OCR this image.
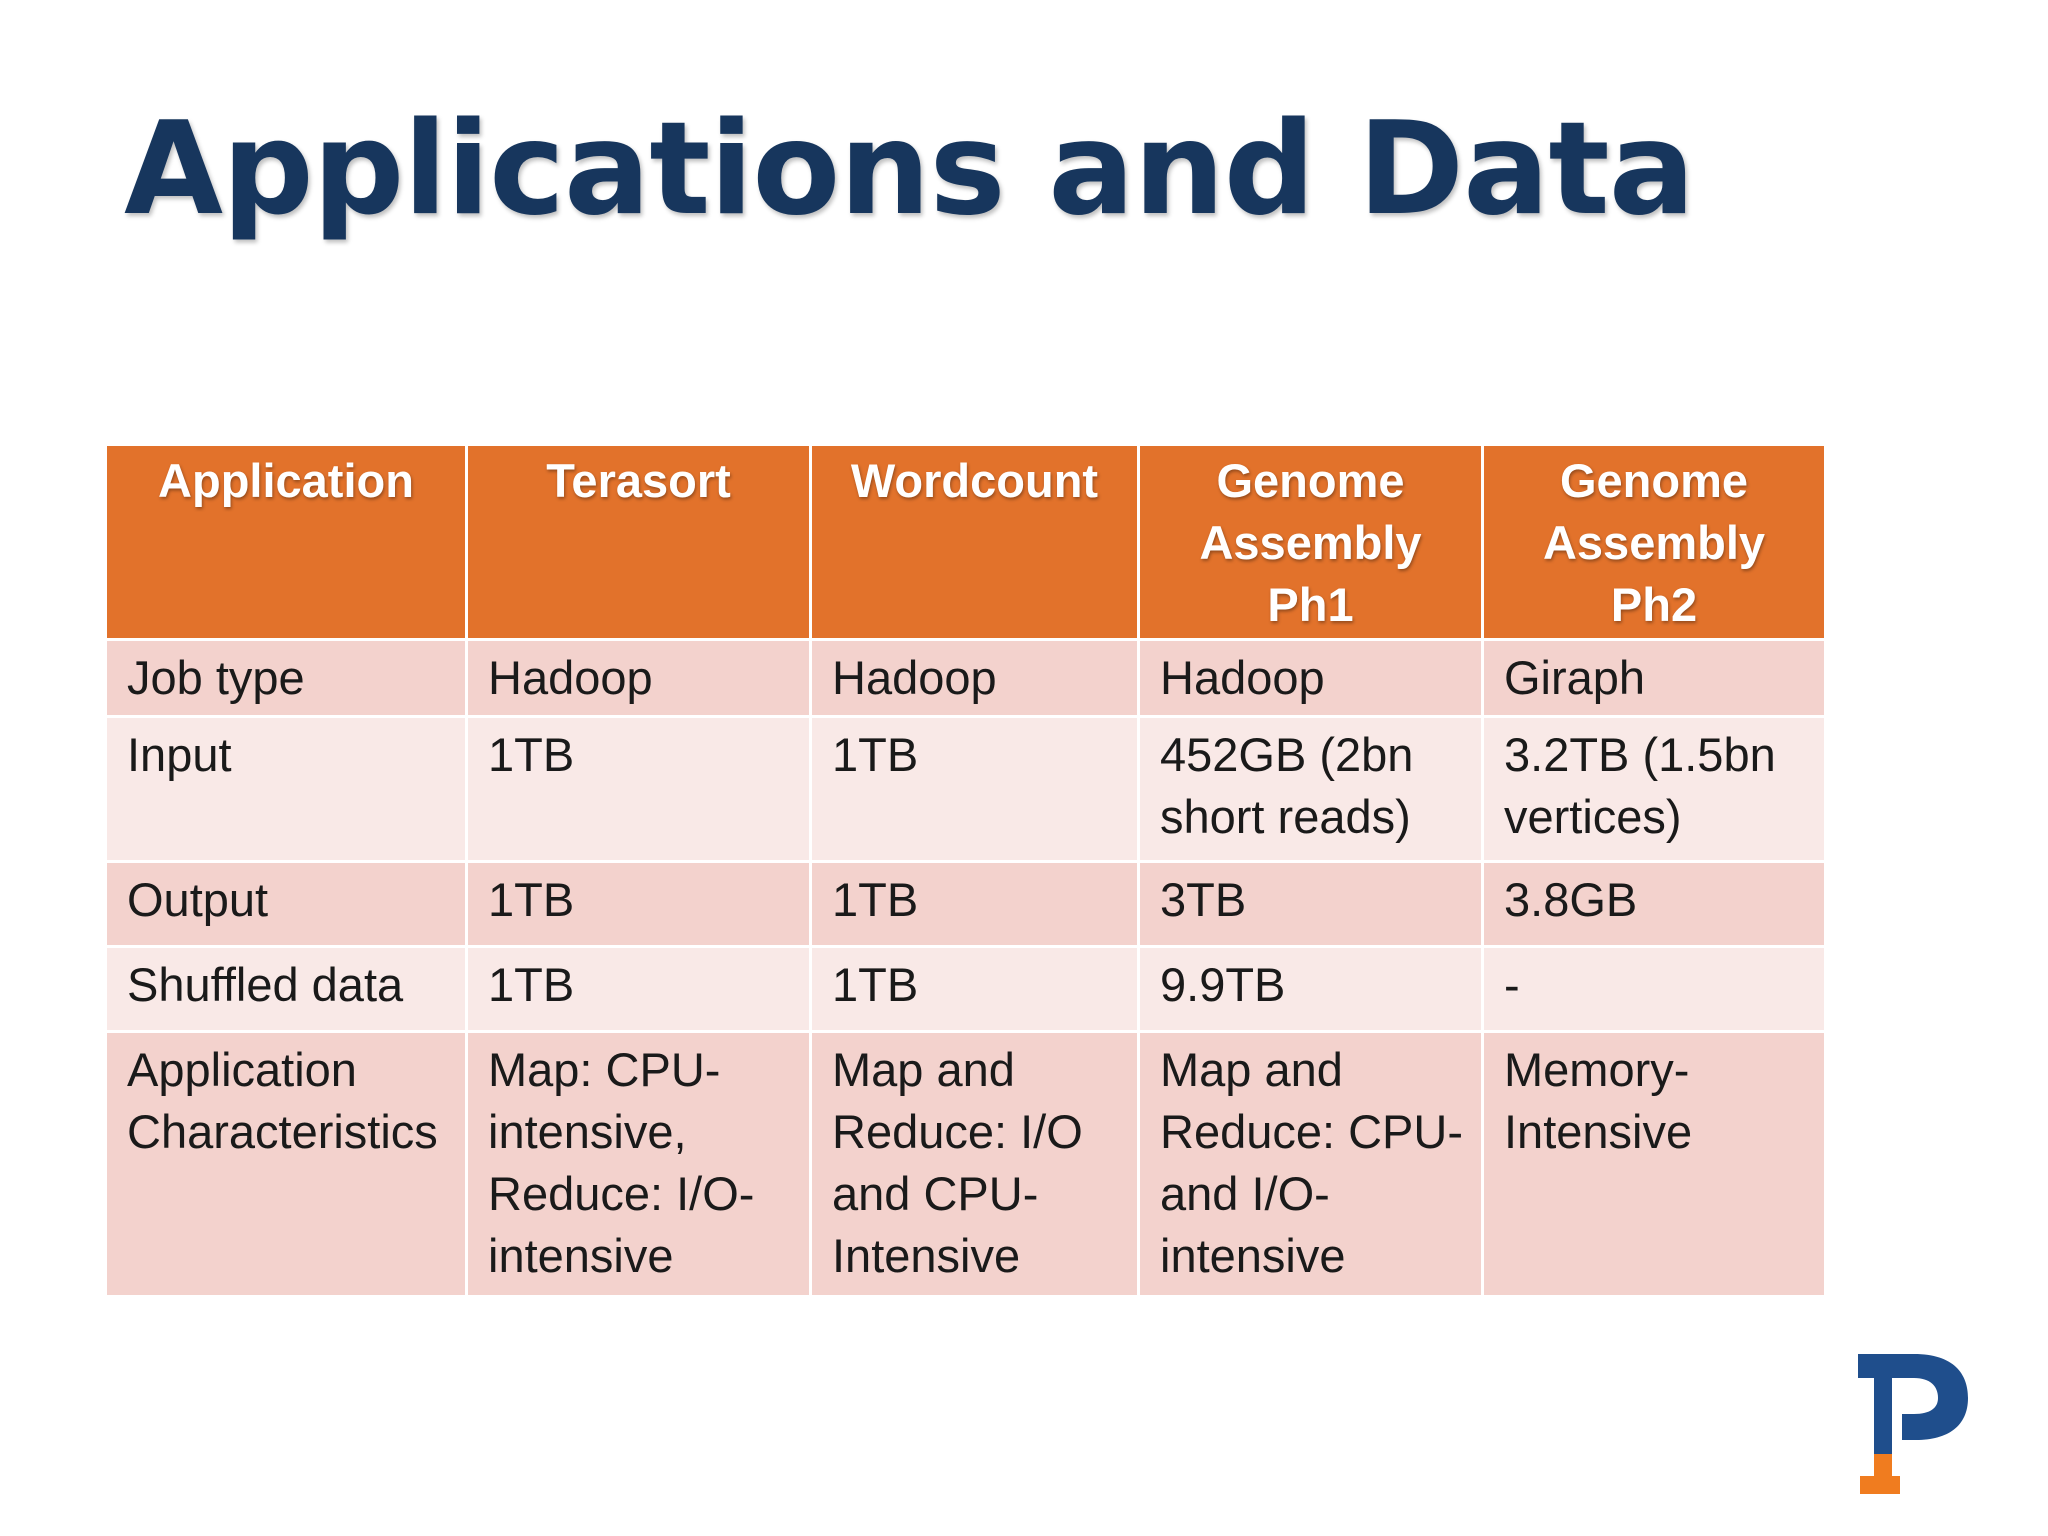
Applications and Data
Application	Terasort	Wordcount	Genome Assembly Ph1	Genome Assembly Ph2
Job type	Hadoop	Hadoop	Hadoop	Giraph
Input	1TB	1TB	452GB (2bn short reads)	3.2TB (1.5bn vertices)
Output	1TB	1TB	3TB	3.8GB
Shuffled data	1TB	1TB	9.9TB	-
Application Characteristics	Map: CPU-intensive, Reduce: I/O-intensive	Map and Reduce: I/O and CPU-Intensive	Map and Reduce: CPU-and I/O-intensive	Memory-Intensive
